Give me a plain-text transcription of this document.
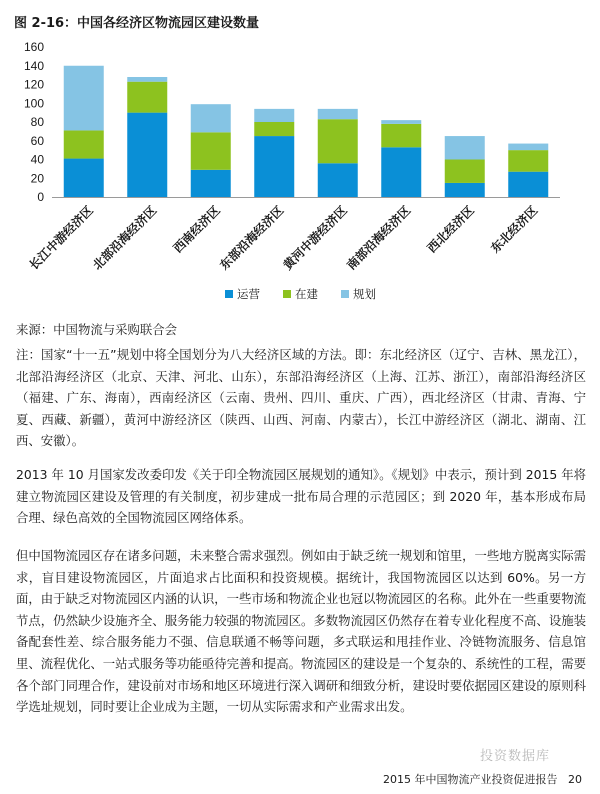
图 2-16：中国各经济区物流园区建设数量
0
20
40
60
80
100
120
140
160
长江中游经济区
北部沿海经济区 西南经济区
东部沿海经济区
黄河中游经济区
南部沿海经济区 西北经济区 东北经济区
运营	在建	规划

来源：中国物流与采购联合会

注：国家“十一五”规划中将全国划分为八大经济区域的方法。即：东北经济区（辽宁、吉林、黑龙江），北部沿海经济区（北京、天津、河北、山东），东部沿海经济区（上海、江苏、浙江），南部沿海经济区（福建、广东、海南），西南经济区（云南、贵州、四川、重庆、广西），西北经济区（甘肃、青海、宁夏、西藏、新疆），黄河中游经济区（陕西、山西、河南、内蒙古），长江中游经济区（湖北、湖南、江西、安徽）。

2013 年 10 月国家发改委印发《关于印全物流园区展规划的通知》。《规划》中表示，预计到 2015 年将建立物流园区建设及管理的有关制度，初步建成一批布局合理的示范园区；到 2020 年，基本形成布局合理、绿色高效的全国物流园区网络体系。

但中国物流园区存在诸多问题，未来整合需求强烈。例如由于缺乏统一规划和馆里，一些地方脱离实际需求，盲目建设物流园区，片面追求占比面积和投资规模。据统计，我国物流园区以达到 60%。另一方面，由于缺乏对物流园区内涵的认识，一些市场和物流企业也冠以物流园区的名称。此外在一些重要物流节点，仍然缺少设施齐全、服务能力较强的物流园区。多数物流园区仍然存在着专业化程度不高、设施装备配套性差、综合服务能力不强、信息联通不畅等问题，多式联运和甩挂作业、冷链物流服务、信息馆里、流程优化、一站式服务等功能亟待完善和提高。物流园区的建设是一个复杂的、系统性的工程，需要各个部门同理合作，建设前对市场和地区环境进行深入调研和细致分析，建设时要依据园区建设的原则科学选址规划，同时要让企业成为主题，一切从实际需求和产业需求出发。

投资数据库
2015 年中国物流产业投资促进报告 20
